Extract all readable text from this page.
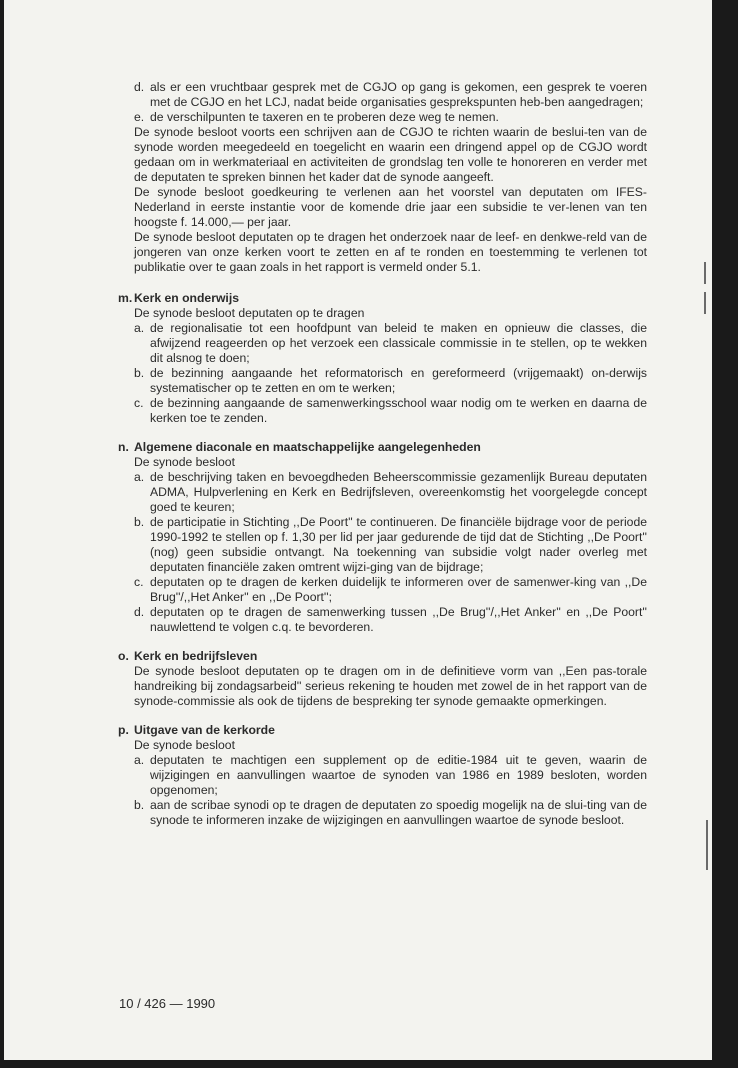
d. als er een vruchtbaar gesprek met de CGJO op gang is gekomen, een gesprek te voeren met de CGJO en het LCJ, nadat beide organisaties gesprekspunten heb-ben aangedragen;
e. de verschilpunten te taxeren en te proberen deze weg te nemen.

De synode besloot voorts een schrijven aan de CGJO te richten waarin de beslui-ten van de synode worden meegedeeld en toegelicht en waarin een dringend appel op de CGJO wordt gedaan om in werkmateriaal en activiteiten de grondslag ten volle te honoreren en verder met de deputaten te spreken binnen het kader dat de synode aangeeft.

De synode besloot goedkeuring te verlenen aan het voorstel van deputaten om IFES-Nederland in eerste instantie voor de komende drie jaar een subsidie te ver-lenen van ten hoogste f. 14.000,— per jaar.

De synode besloot deputaten op te dragen het onderzoek naar de leef- en denkwe-reld van de jongeren van onze kerken voort te zetten en af te ronden en toestemming te verlenen tot publikatie over te gaan zoals in het rapport is vermeld onder 5.1.

m. Kerk en onderwijs

De synode besloot deputaten op te dragen

a. de regionalisatie tot een hoofdpunt van beleid te maken en opnieuw die classes, die afwijzend reageerden op het verzoek een classicale commissie in te stellen, op te wekken dit alsnog te doen;
b. de bezinning aangaande het reformatorisch en gereformeerd (vrijgemaakt) on-derwijs systematischer op te zetten en om te werken;
c. de bezinning aangaande de samenwerkingsschool waar nodig om te werken en daarna de kerken toe te zenden.
n. Algemene diaconale en maatschappelijke aangelegenheden

De synode besloot

a. de beschrijving taken en bevoegdheden Beheerscommissie gezamenlijk Bureau deputaten ADMA, Hulpverlening en Kerk en Bedrijfsleven, overeenkomstig het voorgelegde concept goed te keuren;
b. de participatie in Stichting ,,De Poort'' te continueren. De financiële bijdrage voor de periode 1990-1992 te stellen op f. 1,30 per lid per jaar gedurende de tijd dat de Stichting ,,De Poort'' (nog) geen subsidie ontvangt. Na toekenning van subsidie volgt nader overleg met deputaten financiële zaken omtrent wijzi-ging van de bijdrage;
c. deputaten op te dragen de kerken duidelijk te informeren over de samenwer-king van ,,De Brug''/,,Het Anker'' en ,,De Poort'';
d. deputaten op te dragen de samenwerking tussen ,,De Brug''/,,Het Anker'' en ,,De Poort'' nauwlettend te volgen c.q. te bevorderen.
o. Kerk en bedrijfsleven

De synode besloot deputaten op te dragen om in de definitieve vorm van ,,Een pas-torale handreiking bij zondagsarbeid'' serieus rekening te houden met zowel de in het rapport van de synode-commissie als ook de tijdens de bespreking ter synode gemaakte opmerkingen.

p. Uitgave van de kerkorde

De synode besloot

a. deputaten te machtigen een supplement op de editie-1984 uit te geven, waarin de wijzigingen en aanvullingen waartoe de synoden van 1986 en 1989 besloten, worden opgenomen;
b. aan de scribae synodi op te dragen de deputaten zo spoedig mogelijk na de slui-ting van de synode te informeren inzake de wijzigingen en aanvullingen waartoe de synode besloot.
10 / 426 — 1990
